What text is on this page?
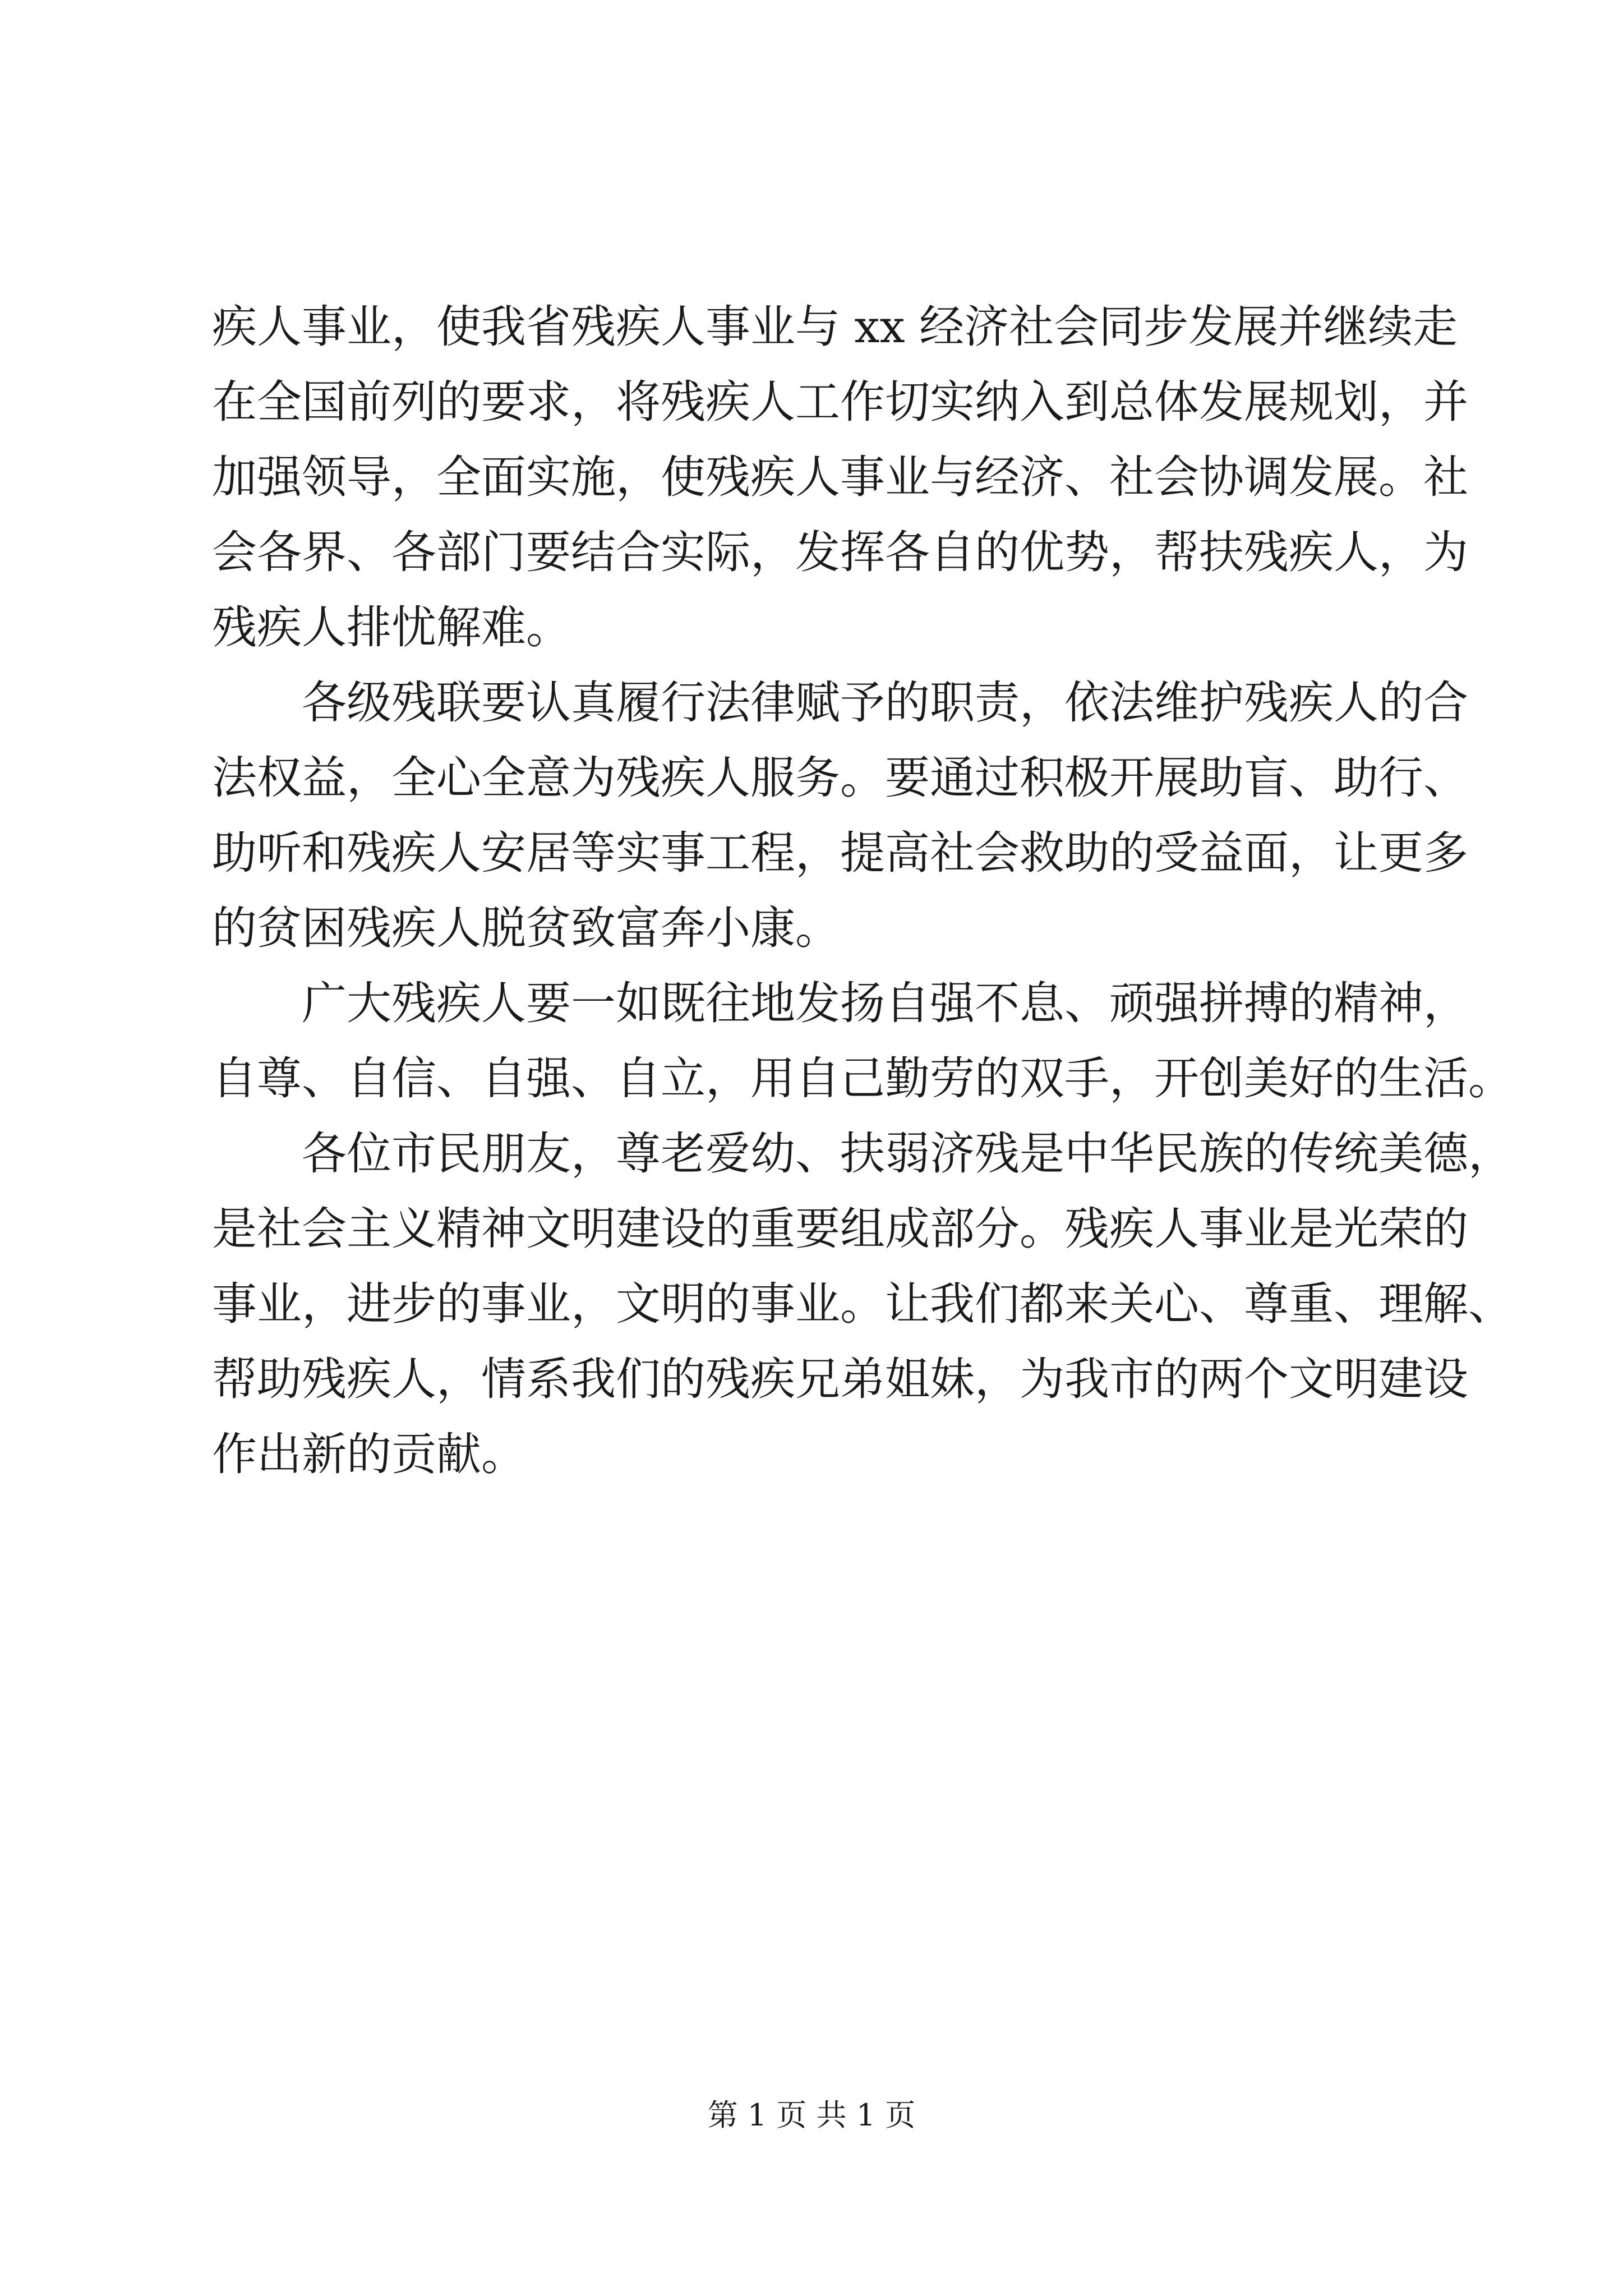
疾人事业，使我省残疾人事业与 xx 经济社会同步发展并继续走
在全国前列的要求，将残疾人工作切实纳入到总体发展规划，并
加强领导，全面实施，使残疾人事业与经济、社会协调发展。社
会各界、各部门要结合实际，发挥各自的优势，帮扶残疾人，为
残疾人排忧解难。
各级残联要认真履行法律赋予的职责，依法维护残疾人的合
法权益，全心全意为残疾人服务。要通过积极开展助盲、助行、
助听和残疾人安居等实事工程，提高社会救助的受益面，让更多
的贫困残疾人脱贫致富奔小康。
广大残疾人要一如既往地发扬自强不息、顽强拼搏的精神，
自尊、自信、自强、自立，用自己勤劳的双手，开创美好的生活。
各位市民朋友，尊老爱幼、扶弱济残是中华民族的传统美德，
是社会主义精神文明建设的重要组成部分。残疾人事业是光荣的
事业，进步的事业，文明的事业。让我们都来关心、尊重、理解、
帮助残疾人，情系我们的残疾兄弟姐妹，为我市的两个文明建设
作出新的贡献。
第 1 页 共 1 页
